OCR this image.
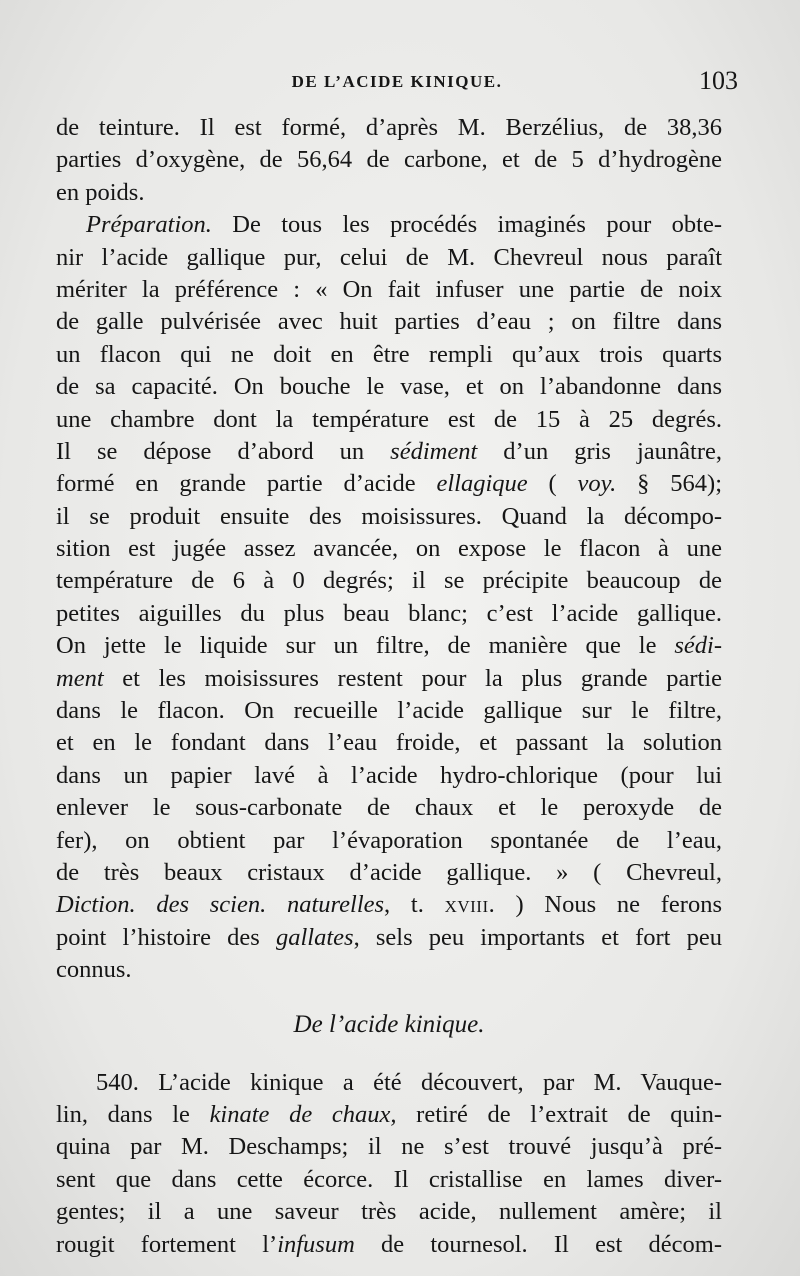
DE L’ACIDE KINIQUE.	103
de teinture. Il est formé, d’après M. Berzélius, de 38,36
parties d’oxygène, de 56,64 de carbone, et de 5 d’hydrogène
en poids.
Préparation. De tous les procédés imaginés pour obte-
nir l’acide gallique pur, celui de M. Chevreul nous paraît
mériter la préférence : « On fait infuser une partie de noix
de galle pulvérisée avec huit parties d’eau ; on filtre dans
un flacon qui ne doit en être rempli qu’aux trois quarts
de sa capacité. On bouche le vase, et on l’abandonne dans
une chambre dont la température est de 15 à 25 degrés.
Il se dépose d’abord un sédiment d’un gris jaunâtre,
formé en grande partie d’acide ellagique ( voy. § 564);
il se produit ensuite des moisissures. Quand la décompo-
sition est jugée assez avancée, on expose le flacon à une
température de 6 à 0 degrés; il se précipite beaucoup de
petites aiguilles du plus beau blanc; c’est l’acide gallique.
On jette le liquide sur un filtre, de manière que le sédi-
ment et les moisissures restent pour la plus grande partie
dans le flacon. On recueille l’acide gallique sur le filtre,
et en le fondant dans l’eau froide, et passant la solution
dans un papier lavé à l’acide hydro-chlorique (pour lui
enlever le sous-carbonate de chaux et le peroxyde de
fer), on obtient par l’évaporation spontanée de l’eau,
de très beaux cristaux d’acide gallique. » ( Chevreul,
Diction. des scien. naturelles, t. xviii. ) Nous ne ferons
point l’histoire des gallates, sels peu importants et fort peu
connus.
De l’acide kinique.
540. L’acide kinique a été découvert, par M. Vauque-
lin, dans le kinate de chaux, retiré de l’extrait de quin-
quina par M. Deschamps; il ne s’est trouvé jusqu’à pré-
sent que dans cette écorce. Il cristallise en lames diver-
gentes; il a une saveur très acide, nullement amère; il
rougit fortement l’infusum de tournesol. Il est décom-
